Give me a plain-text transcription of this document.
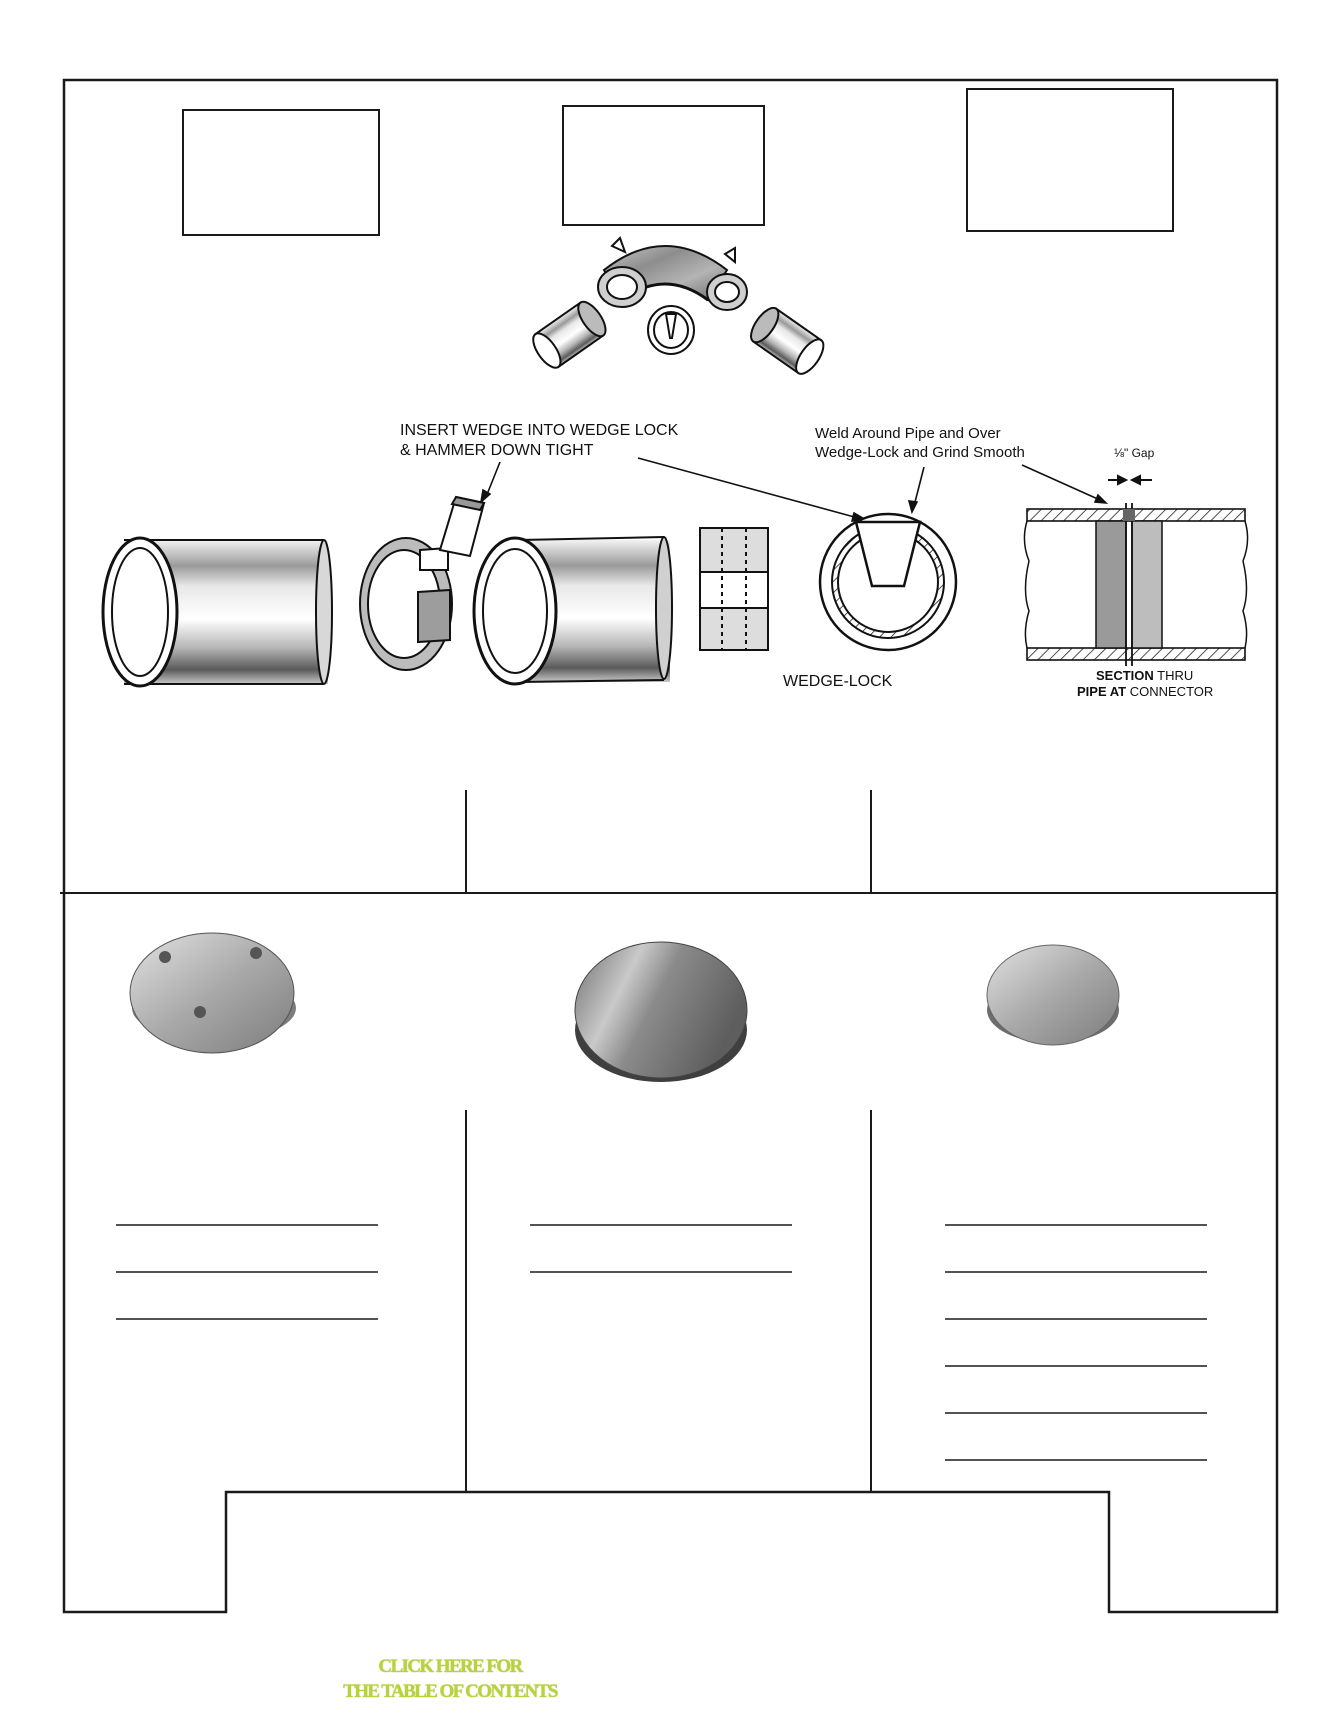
INSERT WEDGE INTO WEDGE LOCK
& HAMMER DOWN TIGHT
Weld Around Pipe and Over
Wedge-Lock and Grind Smooth	⅛" Gap
WEDGE-LOCK	SECTION THRU
PIPE AT CONNECTOR
CLICK HERE FOR
THE TABLE OF CONTENTS
